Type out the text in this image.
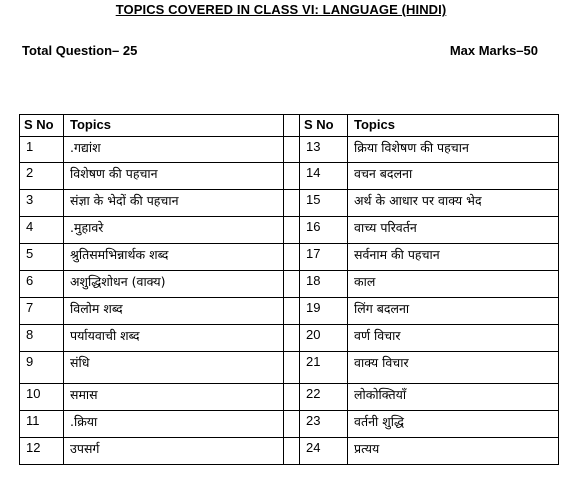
TOPICS COVERED IN CLASS VI: LANGUAGE (HINDI)
Total Question– 25	Max Marks–50
S No	Topics	S No	Topics
1	.गद्यांश	13	क्रिया विशेषण की पहचान
2	विशेषण की पहचान	14	वचन बदलना
3	संज्ञा के भेदों की पहचान	15	अर्थ के आधार पर वाक्य भेद
4	.मुहावरे	16	वाच्य परिवर्तन
5	श्रुतिसमभिन्नार्थक शब्द	17	सर्वनाम की पहचान
6	अशुद्धिशोधन (वाक्य)	18	काल
7	विलोम शब्द	19	लिंग बदलना
8	पर्यायवाची शब्द	20	वर्ण विचार
9	संधि	21	वाक्य विचार
10	समास	22	लोकोक्तियाँ
11	.क्रिया	23	वर्तनी शुद्धि
12	उपसर्ग	24	प्रत्यय
